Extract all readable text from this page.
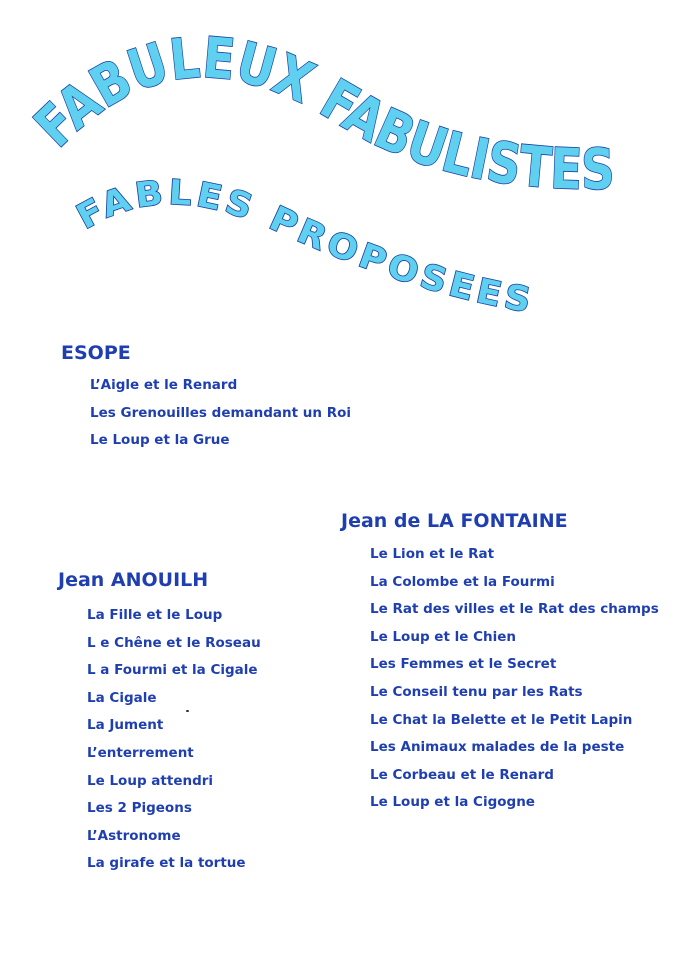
FABULEUX FABULISTES
FABLES PROPOSEES
ESOPE
L’Aigle et le Renard
Les Grenouilles demandant un Roi
Le Loup et la Grue
Jean de LA FONTAINE
Le Lion et le Rat
La Colombe et la Fourmi
Le Rat des villes et le Rat des champs
Le Loup et le Chien
Les Femmes et le Secret
Le Conseil tenu par les Rats
Le Chat la Belette et le Petit Lapin
Les Animaux malades de la peste
Le Corbeau et le Renard
Le Loup et la Cigogne
Jean ANOUILH
La Fille et le Loup
L e Chêne et le Roseau
L a Fourmi et la Cigale
La Cigale
La Jument
L’enterrement
Le Loup attendri
Les 2 Pigeons
L’Astronome
La girafe et la tortue
